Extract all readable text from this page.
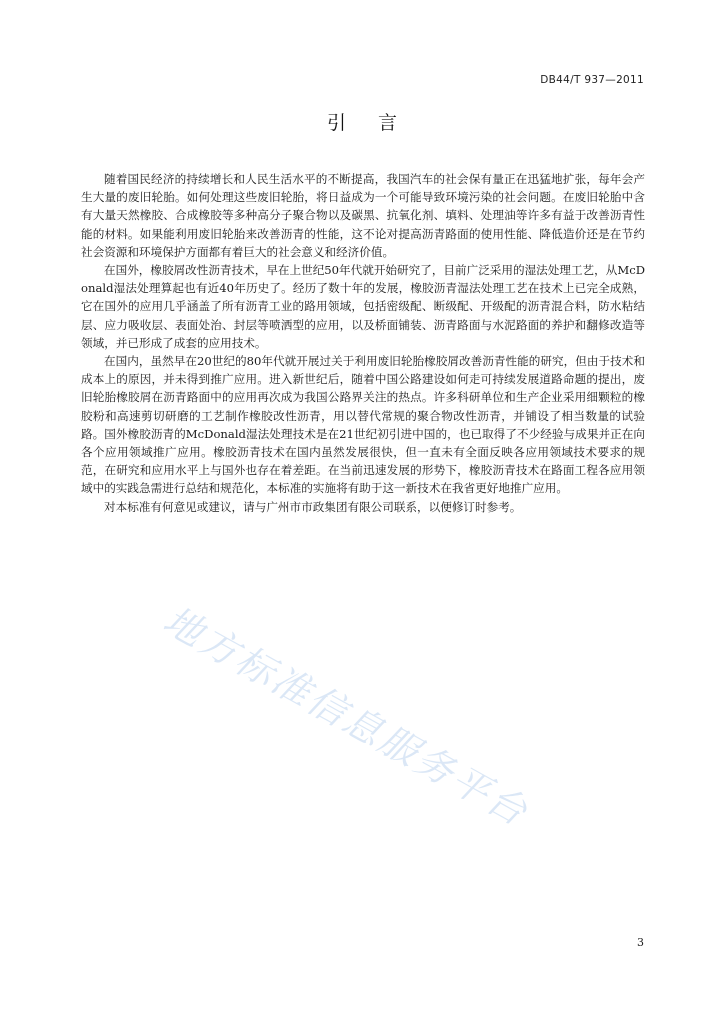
DB44/T 937—2011
引言

随着国民经济的持续增长和人民生活水平的不断提高，我国汽车的社会保有量正在迅猛地扩张，每年会产生大量的废旧轮胎。如何处理这些废旧轮胎，将日益成为一个可能导致环境污染的社会问题。在废旧轮胎中含有大量天然橡胶、合成橡胶等多种高分子聚合物以及碳黑、抗氧化剂、填料、处理油等许多有益于改善沥青性能的材料。如果能利用废旧轮胎来改善沥青的性能，这不论对提高沥青路面的使用性能、降低造价还是在节约社会资源和环境保护方面都有着巨大的社会意义和经济价值。

在国外，橡胶屑改性沥青技术，早在上世纪50年代就开始研究了，目前广泛采用的湿法处理工艺，从McDonald湿法处理算起也有近40年历史了。经历了数十年的发展，橡胶沥青湿法处理工艺在技术上已完全成熟，它在国外的应用几乎涵盖了所有沥青工业的路用领域，包括密级配、断级配、开级配的沥青混合料，防水粘结层、应力吸收层、表面处治、封层等喷洒型的应用，以及桥面铺装、沥青路面与水泥路面的养护和翻修改造等领域，并已形成了成套的应用技术。

在国内，虽然早在20世纪的80年代就开展过关于利用废旧轮胎橡胶屑改善沥青性能的研究，但由于技术和成本上的原因，并未得到推广应用。进入新世纪后，随着中国公路建设如何走可持续发展道路命题的提出，废旧轮胎橡胶屑在沥青路面中的应用再次成为我国公路界关注的热点。许多科研单位和生产企业采用细颗粒的橡胶粉和高速剪切研磨的工艺制作橡胶改性沥青，用以替代常规的聚合物改性沥青，并铺设了相当数量的试验路。国外橡胶沥青的McDonald湿法处理技术是在21世纪初引进中国的，也已取得了不少经验与成果并正在向各个应用领域推广应用。橡胶沥青技术在国内虽然发展很快，但一直未有全面反映各应用领域技术要求的规范，在研究和应用水平上与国外也存在着差距。在当前迅速发展的形势下，橡胶沥青技术在路面工程各应用领域中的实践急需进行总结和规范化，本标准的实施将有助于这一新技术在我省更好地推广应用。

对本标准有何意见或建议，请与广州市市政集团有限公司联系，以便修订时参考。

地方标准信息服务平台
3
